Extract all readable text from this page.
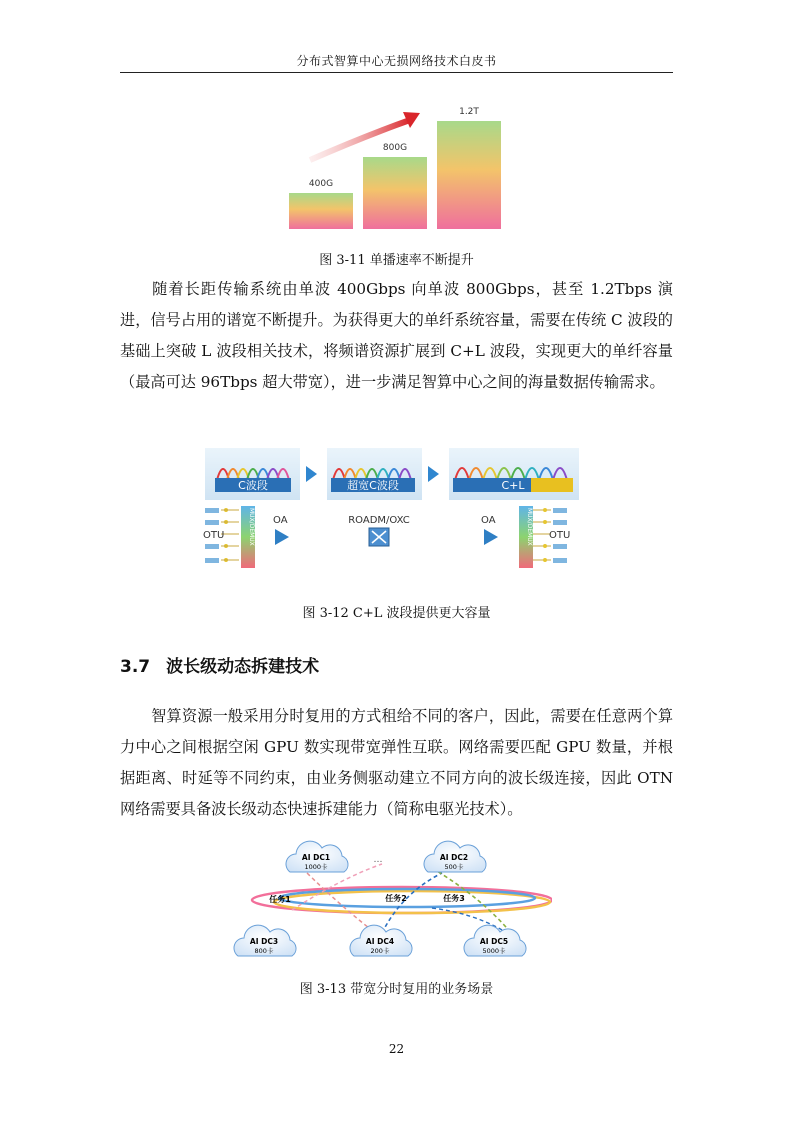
分布式智算中心无损网络技术白皮书
400G
800G
1.2T
图 3-11 单播速率不断提升

随着长距传输系统由单波 400Gbps 向单波 800Gbps，甚至 1.2Tbps 演进，信号占用的谱宽不断提升。为获得更大的单纤系统容量，需要在传统 C 波段的基础上突破 L 波段相关技术，将频谱资源扩展到 C+L 波段，实现更大的单纤容量（最高可达 96Tbps 超大带宽），进一步满足智算中心之间的海量数据传输需求。

C波段	超宽C波段	C+L
OTU	MUX/DEMUX OA	ROADM/OXC	OA	MUX/DEMUX OTU
图 3-12 C+L 波段提供更大容量
3.7 波长级动态拆建技术

智算资源一般采用分时复用的方式租给不同的客户，因此，需要在任意两个算力中心之间根据空闲 GPU 数实现带宽弹性互联。网络需要匹配 GPU 数量，并根据距离、时延等不同约束，由业务侧驱动建立不同方向的波长级连接，因此 OTN 网络需要具备波长级动态快速拆建能力（简称电驱光技术）。

AI DC1
1000卡
…	AI DC2
500卡
AI DC3
800卡
AI DC4
200卡
AI DC5
5000卡
任务1	任务2	任务3
图 3-13 带宽分时复用的业务场景
22
